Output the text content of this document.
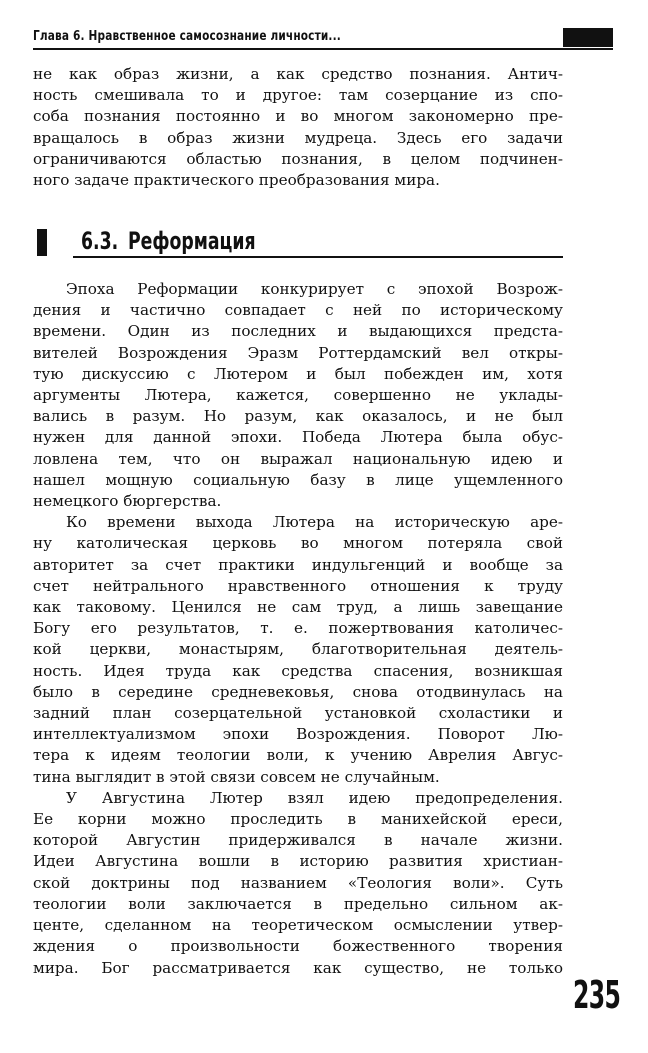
Глава 6. Нравственное самосознание личности...
не как образ жизни, а как средство познания. Антич-
ность смешивала то и другое: там созерцание из спо-
соба познания постоянно и во многом закономерно пре-
вращалось в образ жизни мудреца. Здесь его задачи
ограничиваются областью познания, в целом подчинен-
ного задаче практического преобразования мира.
6.3. Реформация
Эпоха Реформации конкурирует с эпохой Возрож-
дения и частично совпадает с ней по историческому
времени. Один из последних и выдающихся предста-
вителей Возрождения Эразм Роттердамский вел откры-
тую дискуссию с Лютером и был побежден им, хотя
аргументы Лютера, кажется, совершенно не уклады-
вались в разум. Но разум, как оказалось, и не был
нужен для данной эпохи. Победа Лютера была обус-
ловлена тем, что он выражал национальную идею и
нашел мощную социальную базу в лице ущемленного
немецкого бюргерства.
Ко времени выхода Лютера на историческую аре-
ну католическая церковь во многом потеряла свой
авторитет за счет практики индульгенций и вообще за
счет нейтрального нравственного отношения к труду
как таковому. Ценился не сам труд, а лишь завещание
Богу его результатов, т. е. пожертвования католичес-
кой церкви, монастырям, благотворительная деятель-
ность. Идея труда как средства спасения, возникшая
было в середине средневековья, снова отодвинулась на
задний план созерцательной установкой схоластики и
интеллектуализмом эпохи Возрождения. Поворот Лю-
тера к идеям теологии воли, к учению Аврелия Авгус-
тина выглядит в этой связи совсем не случайным.
У Августина Лютер взял идею предопределения.
Ее корни можно проследить в манихейской ереси,
которой Августин придерживался в начале жизни.
Идеи Августина вошли в историю развития христиан-
ской доктрины под названием «Теология воли». Суть
теологии воли заключается в предельно сильном ак-
центе, сделанном на теоретическом осмыслении утвер-
ждения о произвольности божественного творения
мира. Бог рассматривается как существо, не только
235
